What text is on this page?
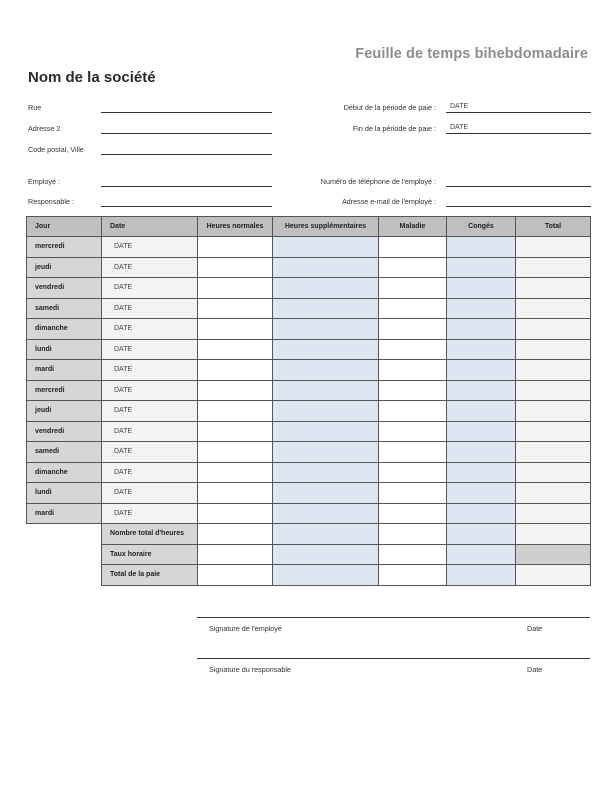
Feuille de temps bihebdomadaire
Nom de la société
Rue
Adresse 2
Code postal, Ville
Employé :
Responsable :
Début de la période de paie : DATE
Fin de la période de paie : DATE
Numéro de téléphone de l'employé :
Adresse e-mail de l'employé :
Jour	Date	Heures normales	Heures supplémentaires	Maladie	Congés	Total
mercredi	DATE					
jeudi	DATE					
vendredi	DATE					
samedi	DATE					
dimanche	DATE					
lundi	DATE					
mardi	DATE					
mercredi	DATE					
jeudi	DATE					
vendredi	DATE					
samedi	DATE					
dimanche	DATE					
lundi	DATE					
mardi	DATE					
	Nombre total d'heures					
	Taux horaire					
	Total de la paie					
Signature de l'employé	Date
Signature du responsable	Date
